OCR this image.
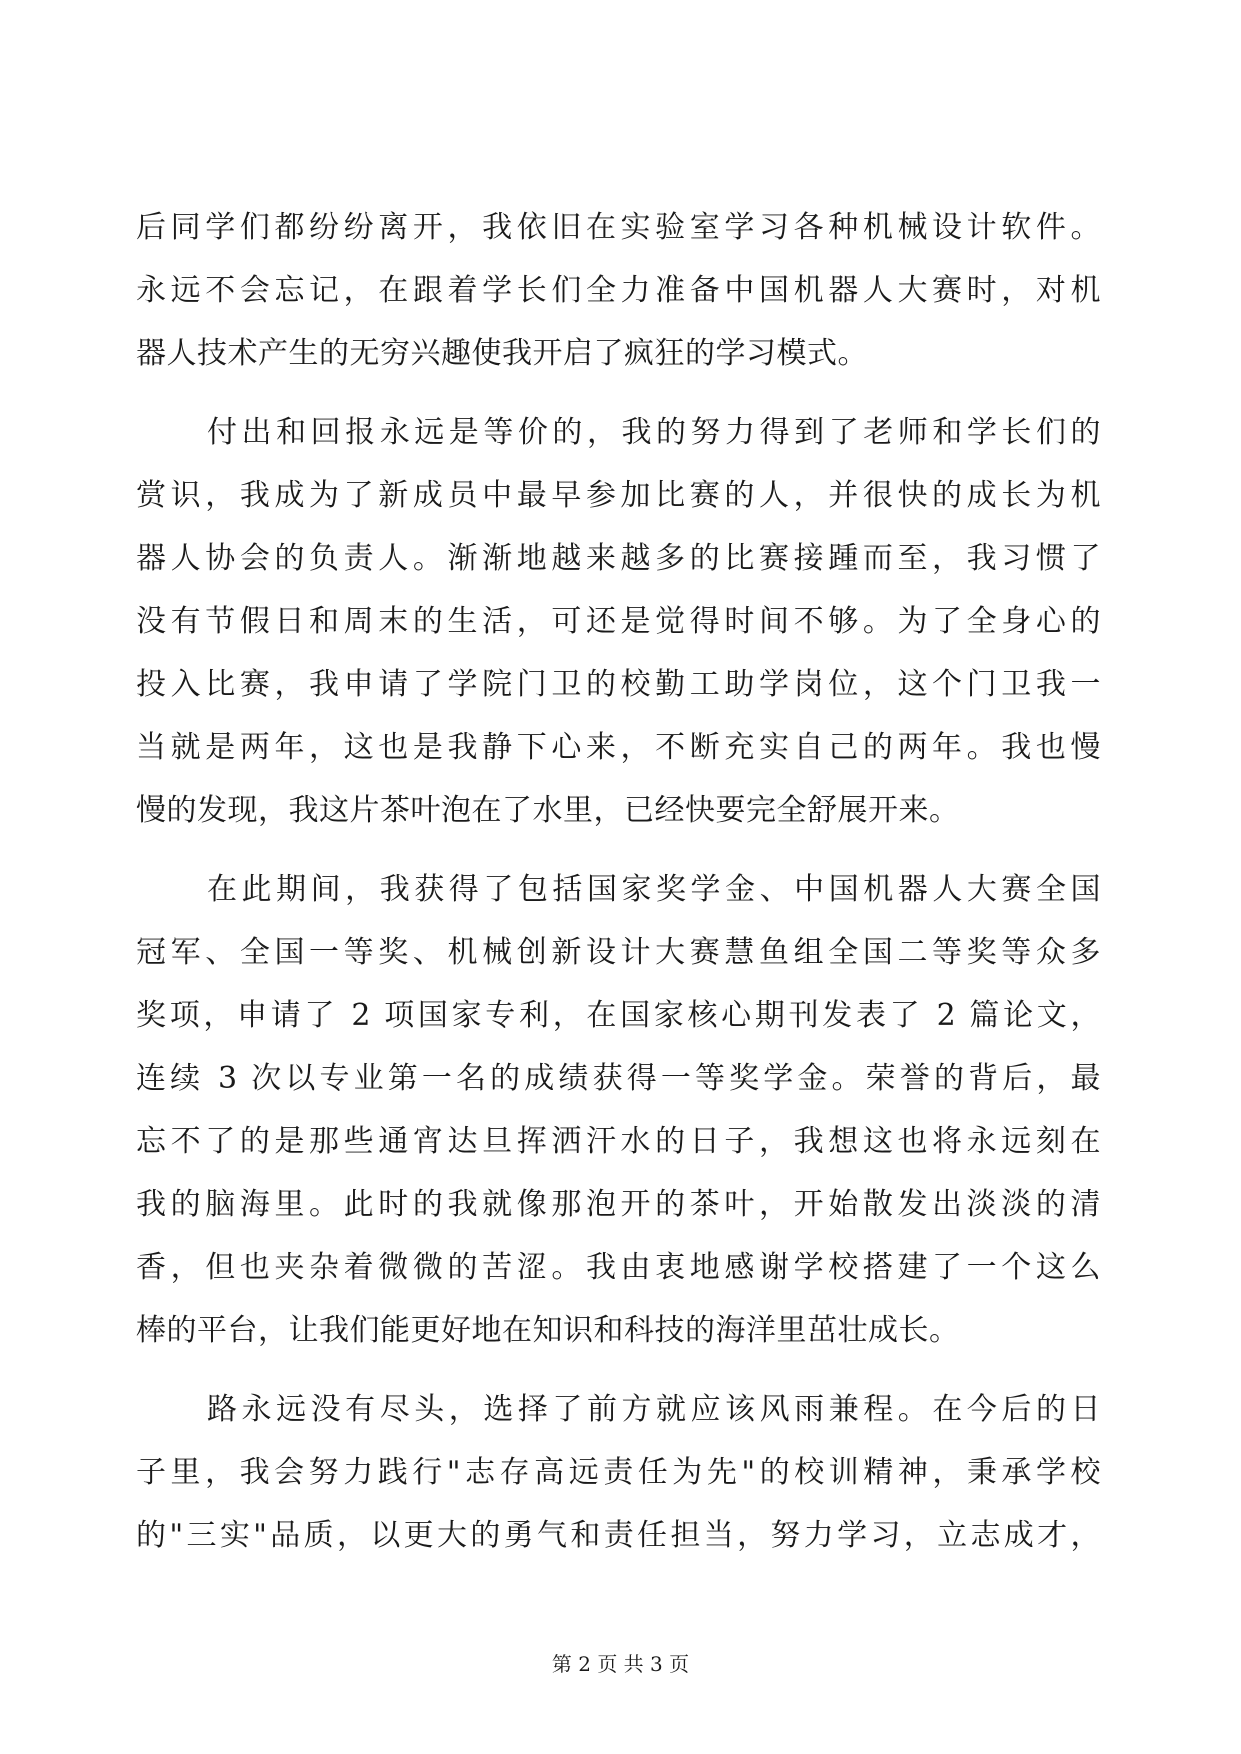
后同学们都纷纷离开，我依旧在实验室学习各种机械设计软件。
永远不会忘记，在跟着学长们全力准备中国机器人大赛时，对机
器人技术产生的无穷兴趣使我开启了疯狂的学习模式。
付出和回报永远是等价的，我的努力得到了老师和学长们的
赏识，我成为了新成员中最早参加比赛的人，并很快的成长为机
器人协会的负责人。渐渐地越来越多的比赛接踵而至，我习惯了
没有节假日和周末的生活，可还是觉得时间不够。为了全身心的
投入比赛，我申请了学院门卫的校勤工助学岗位，这个门卫我一
当就是两年，这也是我静下心来，不断充实自己的两年。我也慢
慢的发现，我这片茶叶泡在了水里，已经快要完全舒展开来。
在此期间，我获得了包括国家奖学金、中国机器人大赛全国
冠军、全国一等奖、机械创新设计大赛慧鱼组全国二等奖等众多
奖项，申请了 2 项国家专利，在国家核心期刊发表了 2 篇论文，
连续 3 次以专业第一名的成绩获得一等奖学金。荣誉的背后，最
忘不了的是那些通宵达旦挥洒汗水的日子，我想这也将永远刻在
我的脑海里。此时的我就像那泡开的茶叶，开始散发出淡淡的清
香，但也夹杂着微微的苦涩。我由衷地感谢学校搭建了一个这么
棒的平台，让我们能更好地在知识和科技的海洋里茁壮成长。
路永远没有尽头，选择了前方就应该风雨兼程。在今后的日
子里，我会努力践行"志存高远责任为先"的校训精神，秉承学校
的"三实"品质，以更大的勇气和责任担当，努力学习，立志成才，
第 2 页 共 3 页
